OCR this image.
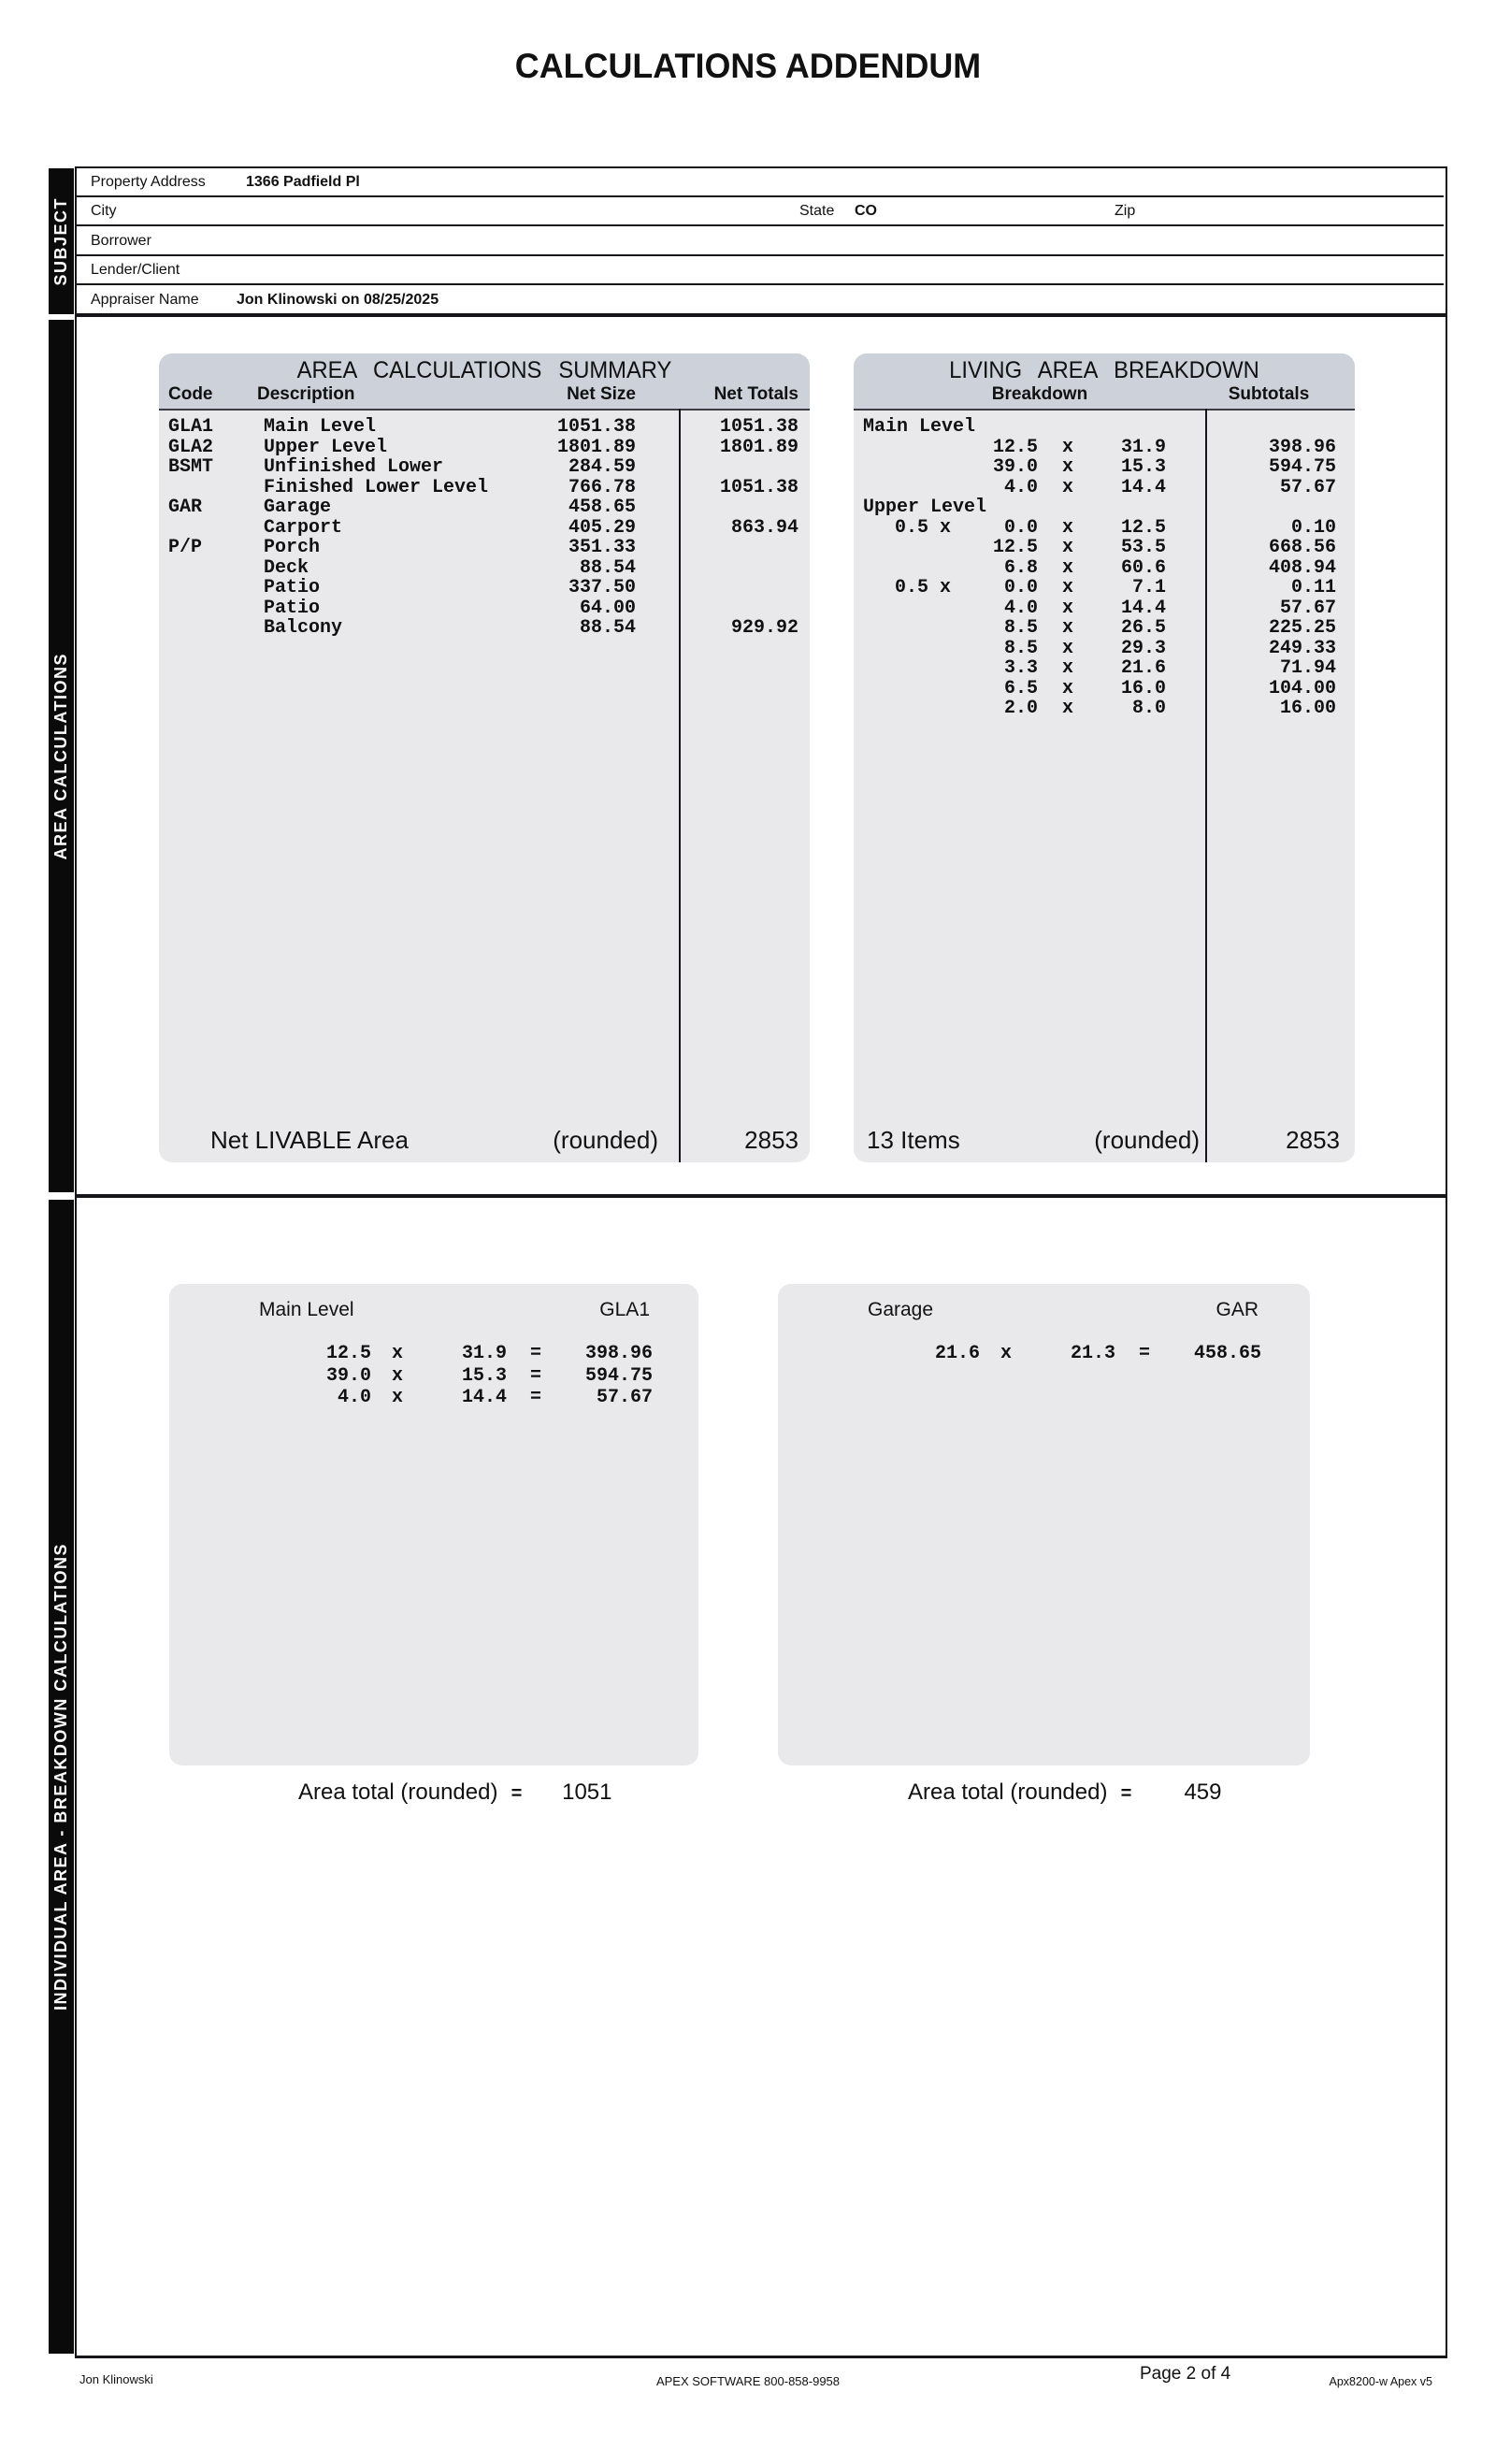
CALCULATIONS ADDENDUM
SUBJECT
AREA CALCULATIONS
INDIVIDUAL AREA - BREAKDOWN CALCULATIONS
Property Address	1366 Padfield Pl
City	State CO	Zip
Borrower
Lender/Client
Appraiser Name	Jon Klinowski on 08/25/2025
AREA CALCULATIONS SUMMARY
Code	Description	Net Size	Net Totals
GLA1	Main Level	1051.38	1051.38
GLA2	Upper Level	1801.89	1801.89
BSMT	Unfinished Lower	284.59
Finished Lower Level	766.78	1051.38
GAR	Garage	458.65
Carport	405.29	863.94
P/P	Porch	351.33
Deck	88.54
Patio	337.50
Patio	64.00
Balcony	88.54	929.92
Net LIVABLE Area	(rounded)	2853
LIVING AREA BREAKDOWN
Breakdown	Subtotals
Main Level
12.5 x	31.9	398.96
39.0 x	15.3	594.75
4.0 x	14.4	57.67
Upper Level
0.5 x	0.0 x	12.5	0.10
12.5 x	53.5	668.56
6.8 x	60.6	408.94
0.5 x	0.0 x	7.1	0.11
4.0 x	14.4	57.67
8.5 x	26.5	225.25
8.5 x	29.3	249.33
3.3 x	21.6	71.94
6.5 x	16.0	104.00
2.0 x	8.0	16.00
13 Items	(rounded)	2853
Main Level	GLA1
12.5 x	31.9 =	398.96
39.0 x	15.3 =	594.75
4.0 x	14.4 =	57.67
Garage	GAR
21.6 x	21.3 =	458.65
Area total (rounded) = 1051	Area total (rounded) =	459
Jon Klinowski	APEX SOFTWARE 800-858-9958	Page 2 of 4	Apx8200-w Apex v5
